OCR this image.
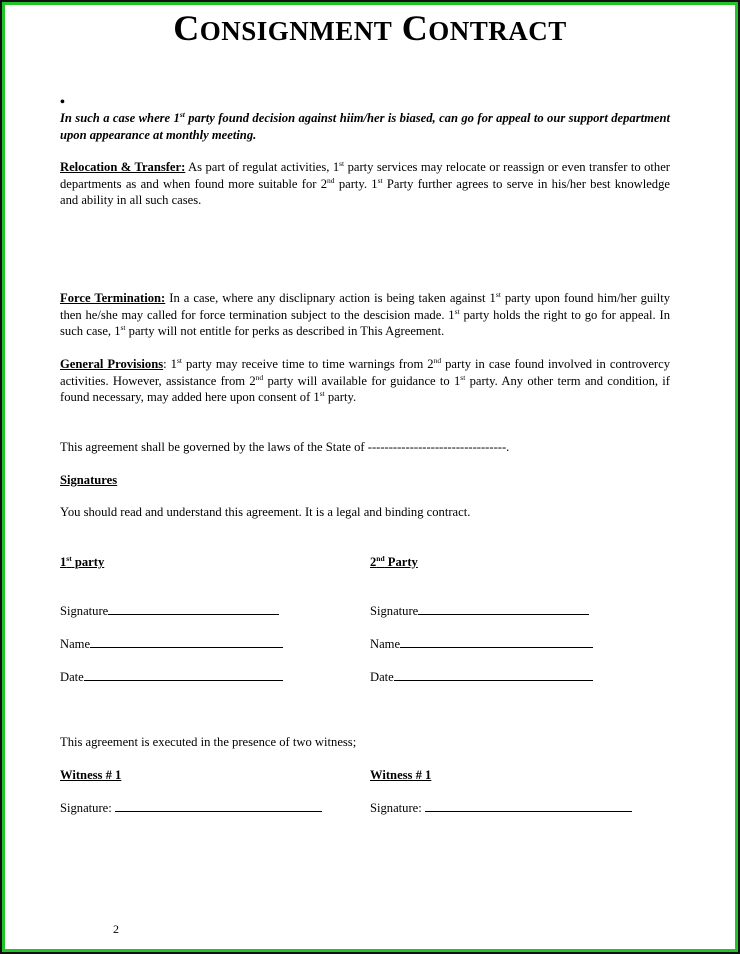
CONSIGNMENT CONTRACT
•
In such a case where 1st party found decision against hiim/her is biased, can go for appeal to our support department upon appearance at monthly meeting.
Relocation & Transfer: As part of regulat activities, 1st party services may relocate or reassign or even transfer to other departments as and when found more suitable for 2nd party. 1st Party further agrees to serve in his/her best knowledge and ability in all such cases.
Force Termination: In a case, where any disclipnary action is being taken against 1st party upon found him/her guilty then he/she may called for force termination subject to the descision made. 1st party holds the right to go for appeal. In such case, 1st party will not entitle for perks as described in This Agreement.
General Provisions: 1st party may receive time to time warnings from 2nd party in case found involved in controvercy activities. However, assistance from 2nd party will available for guidance to 1st party. Any other term and condition, if found necessary, may added here upon consent of 1st party.
This agreement shall be governed by the laws of the State of ---------------------------------.
Signatures
You should read and understand this agreement. It is a legal and binding contract.
1st party	2nd Party
Signature	Signature
Name	Name
Date	Date
This agreement is executed in the presence of two witness;
Witness # 1	Witness # 1
Signature:	Signature:
2
